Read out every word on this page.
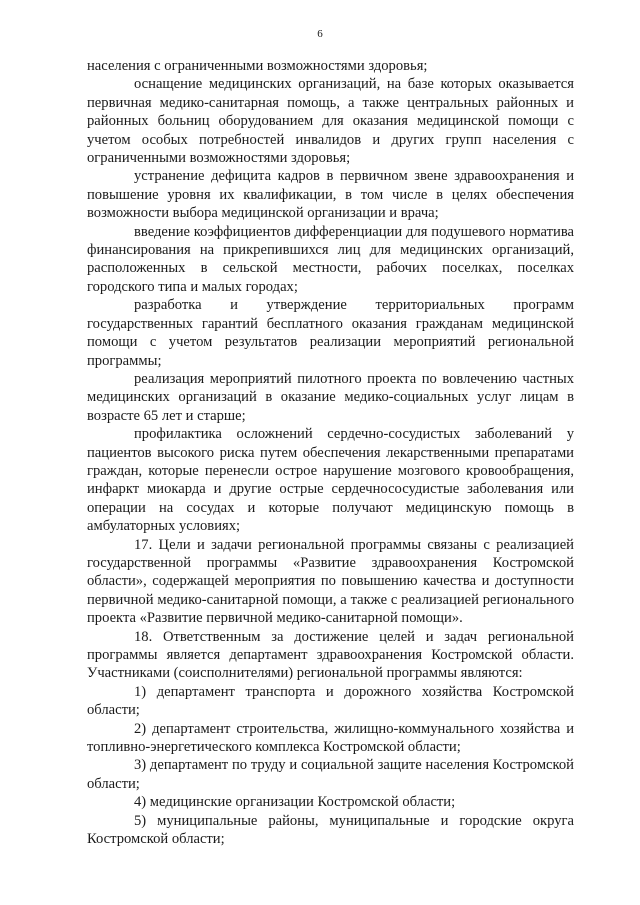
6

населения с ограниченными возможностями здоровья;

оснащение медицинских организаций, на базе которых оказывается первичная медико-санитарная помощь, а также центральных районных и районных больниц оборудованием для оказания медицинской помощи с учетом особых потребностей инвалидов и других групп населения с ограниченными возможностями здоровья;

устранение дефицита кадров в первичном звене здравоохранения и повышение уровня их квалификации, в том числе в целях обеспечения возможности выбора медицинской организации и врача;

введение коэффициентов дифференциации для подушевого норматива финансирования на прикрепившихся лиц для медицинских организаций, расположенных в сельской местности, рабочих поселках, поселках городского типа и малых городах;

разработка и утверждение территориальных программ государственных гарантий бесплатного оказания гражданам медицинской помощи с учетом результатов реализации мероприятий региональной программы;

реализация мероприятий пилотного проекта по вовлечению частных медицинских организаций в оказание медико-социальных услуг лицам в возрасте 65 лет и старше;

профилактика осложнений сердечно-сосудистых заболеваний у пациентов высокого риска путем обеспечения лекарственными препаратами граждан, которые перенесли острое нарушение мозгового кровообращения, инфаркт миокарда и другие острые сердечнососудистые заболевания или операции на сосудах и которые получают медицинскую помощь в амбулаторных условиях;

17. Цели и задачи региональной программы связаны с реализацией государственной программы «Развитие здравоохранения Костромской области», содержащей мероприятия по повышению качества и доступности первичной медико-санитарной помощи, а также с реализацией регионального проекта «Развитие первичной медико-санитарной помощи».

18. Ответственным за достижение целей и задач региональной программы является департамент здравоохранения Костромской области. Участниками (соисполнителями) региональной программы являются:

1) департамент транспорта и дорожного хозяйства Костромской области;

2) департамент строительства, жилищно-коммунального хозяйства и топливно-энергетического комплекса Костромской области;

3) департамент по труду и социальной защите населения Костромской области;

4) медицинские организации Костромской области;

5) муниципальные районы, муниципальные и городские округа Костромской области;
